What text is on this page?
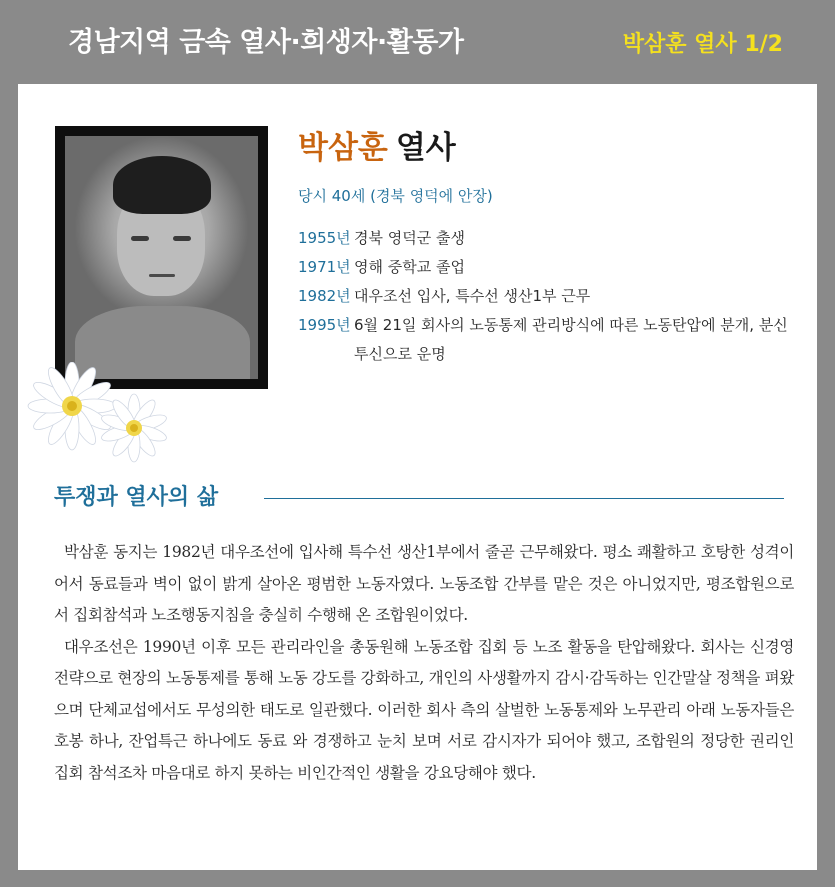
경남지역 금속 열사·희생자·활동가	박삼훈 열사 1/2
박삼훈 열사
당시 40세 (경북 영덕에 안장)
1955년 경북 영덕군 출생
1971년 영해 중학교 졸업
1982년 대우조선 입사, 특수선 생산1부 근무
1995년 6월 21일 회사의 노동통제 관리방식에 따른 노동탄압에 분개, 분신 투신으로 운명
투쟁과 열사의 삶

박삼훈 동지는 1982년 대우조선에 입사해 특수선 생산1부에서 줄곧 근무해왔다. 평소 쾌활하고 호탕한 성격이어서 동료들과 벽이 없이 밝게 살아온 평범한 노동자였다. 노동조합 간부를 맡은 것은 아니었지만, 평조합원으로서 집회참석과 노조행동지침을 충실히 수행해 온 조합원이었다.

대우조선은 1990년 이후 모든 관리라인을 총동원해 노동조합 집회 등 노조 활동을 탄압해왔다. 회사는 신경영전략으로 현장의 노동통제를 통해 노동 강도를 강화하고, 개인의 사생활까지 감시·감독하는 인간말살 정책을 펴왔으며 단체교섭에서도 무성의한 태도로 일관했다. 이러한 회사 측의 살벌한 노동통제와 노무관리 아래 노동자들은 호봉 하나, 잔업특근 하나에도 동료 와 경쟁하고 눈치 보며 서로 감시자가 되어야 했고, 조합원의 정당한 권리인 집회 참석조차 마음대로 하지 못하는 비인간적인 생활을 강요당해야 했다.
